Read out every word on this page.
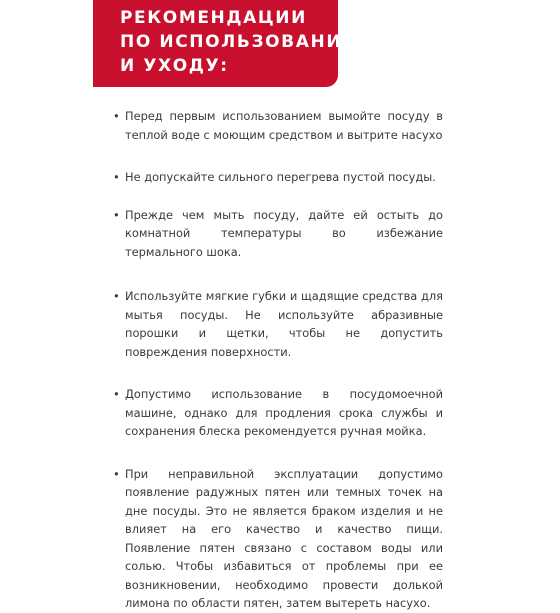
РЕКОМЕНДАЦИИ
ПО ИСПОЛЬЗОВАНИЮ
И УХОДУ:
• Перед первым использованием вымойте посуду в теплой воде с моющим средством и вытрите насухо
• Не допускайте сильного перегрева пустой посуды.
• Прежде чем мыть посуду, дайте ей остыть до комнатной температуры во избежание термального шока.
• Используйте мягкие губки и щадящие средства для мытья посуды. Не используйте абразивные порошки и щетки, чтобы не допустить повреждения поверхности.
• Допустимо использование в посудомоечной машине, однако для продления срока службы и сохранения блеска рекомендуется ручная мойка.
• При неправильной эксплуатации допустимо появление радужных пятен или темных точек на дне посуды. Это не является браком изделия и не влияет на его качество и качество пищи. Появление пятен связано с составом воды или солью. Чтобы избавиться от проблемы при ее возникновении, необходимо провести долькой лимона по области пятен, затем вытереть насухо.
